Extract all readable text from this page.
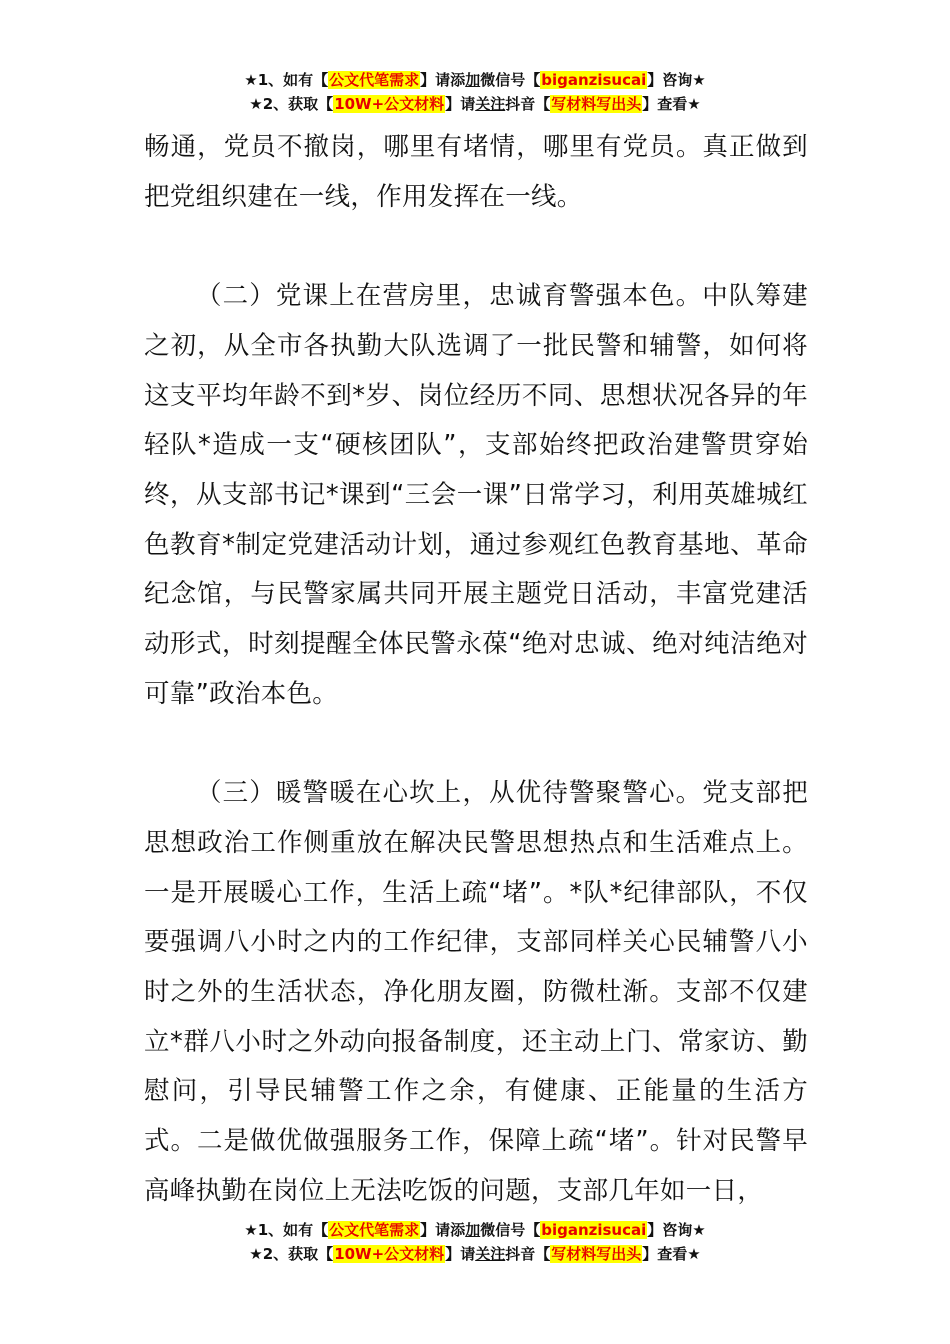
★1、如有【公文代笔需求】请添加微信号【biganzisucai】咨询★
★2、获取【10W+公文材料】请关注抖音【写材料写出头】查看★

畅通，党员不撤岗，哪里有堵情，哪里有党员。真正做到把党组织建在一线，作用发挥在一线。

（二）党课上在营房里，忠诚育警强本色。中队筹建之初，从全市各执勤大队选调了一批民警和辅警，如何将这支平均年龄不到*岁、岗位经历不同、思想状况各异的年轻队*造成一支“硬核团队”，支部始终把政治建警贯穿始终，从支部书记*课到“三会一课”日常学习，利用英雄城红色教育*制定党建活动计划，通过参观红色教育基地、革命纪念馆，与民警家属共同开展主题党日活动，丰富党建活动形式，时刻提醒全体民警永葆“绝对忠诚、绝对纯洁绝对可靠”政治本色。

（三）暖警暖在心坎上，从优待警聚警心。党支部把思想政治工作侧重放在解决民警思想热点和生活难点上。一是开展暖心工作，生活上疏“堵”。*队*纪律部队，不仅要强调八小时之内的工作纪律，支部同样关心民辅警八小时之外的生活状态，净化朋友圈，防微杜渐。支部不仅建立*群八小时之外动向报备制度，还主动上门、常家访、勤慰问，引导民辅警工作之余，有健康、正能量的生活方式。二是做优做强服务工作，保障上疏“堵”。针对民警早高峰执勤在岗位上无法吃饭的问题，支部几年如一日，

★1、如有【公文代笔需求】请添加微信号【biganzisucai】咨询★
★2、获取【10W+公文材料】请关注抖音【写材料写出头】查看★
